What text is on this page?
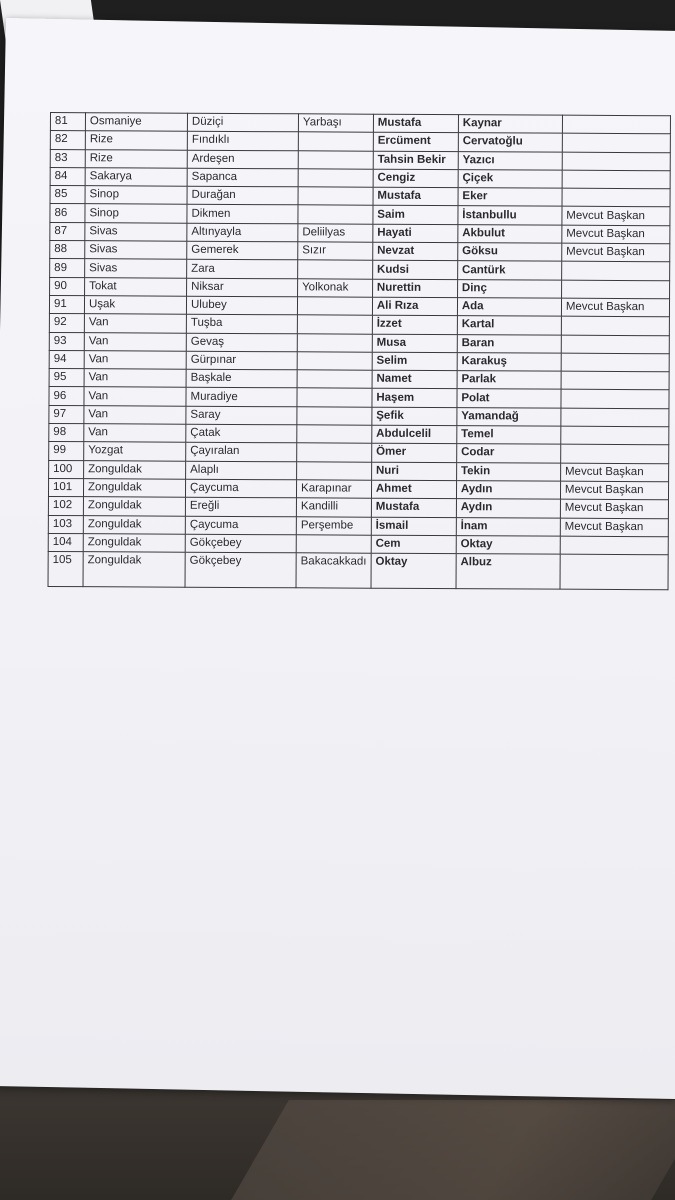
81	Osmaniye	Düziçi	Yarbaşı	Mustafa	Kaynar	
82	Rize	Fındıklı		Ercüment	Cervatoğlu	
83	Rize	Ardeşen		Tahsin Bekir	Yazıcı	
84	Sakarya	Sapanca		Cengiz	Çiçek	
85	Sinop	Durağan		Mustafa	Eker	
86	Sinop	Dikmen		Saim	İstanbullu	Mevcut Başkan
87	Sivas	Altınyayla	Deliilyas	Hayati	Akbulut	Mevcut Başkan
88	Sivas	Gemerek	Sızır	Nevzat	Göksu	Mevcut Başkan
89	Sivas	Zara		Kudsi	Cantürk	
90	Tokat	Niksar	Yolkonak	Nurettin	Dinç	
91	Uşak	Ulubey		Ali Rıza	Ada	Mevcut Başkan
92	Van	Tuşba		İzzet	Kartal	
93	Van	Gevaş		Musa	Baran	
94	Van	Gürpınar		Selim	Karakuş	
95	Van	Başkale		Namet	Parlak	
96	Van	Muradiye		Haşem	Polat	
97	Van	Saray		Şefik	Yamandağ	
98	Van	Çatak		Abdulcelil	Temel	
99	Yozgat	Çayıralan		Ömer	Codar	
100	Zonguldak	Alaplı		Nuri	Tekin	Mevcut Başkan
101	Zonguldak	Çaycuma	Karapınar	Ahmet	Aydın	Mevcut Başkan
102	Zonguldak	Ereğli	Kandilli	Mustafa	Aydın	Mevcut Başkan
103	Zonguldak	Çaycuma	Perşembe	İsmail	İnam	Mevcut Başkan
104	Zonguldak	Gökçebey		Cem	Oktay	
105	Zonguldak	Gökçebey	Bakacakkadı	Oktay	Albuz	
